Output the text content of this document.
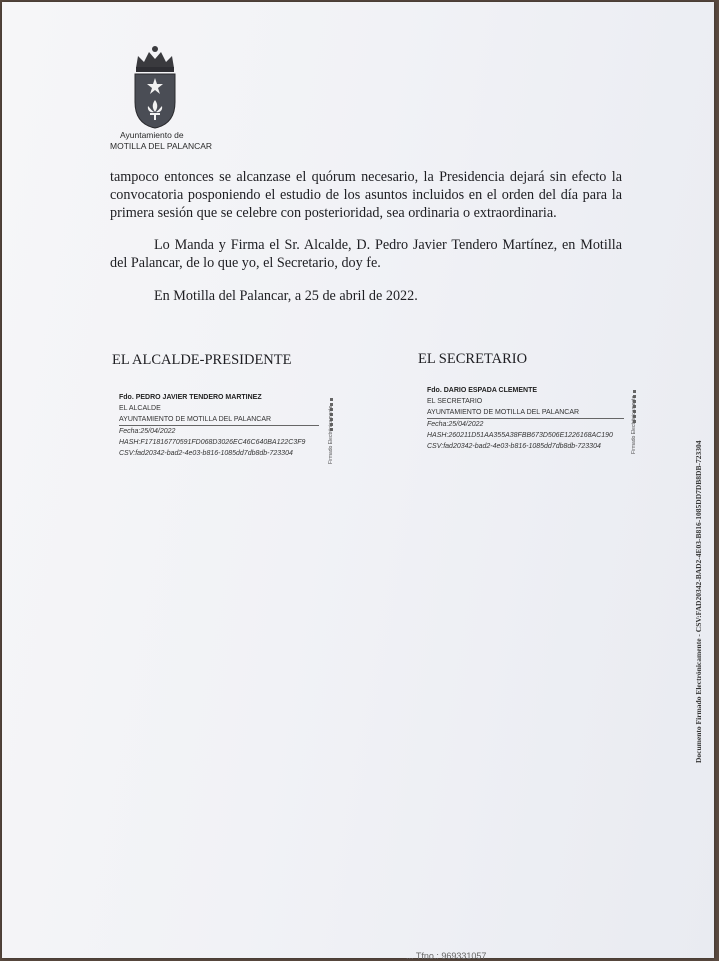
Ayuntamiento de
MOTILLA DEL PALANCAR
tampoco entonces se alcanzase el quórum necesario, la Presidencia dejará sin efecto la convocatoria posponiendo el estudio de los asuntos incluidos en el orden del día para la primera sesión que se celebre con posterioridad, sea ordinaria o extraordinaria.
Lo Manda y Firma el Sr. Alcalde, D. Pedro Javier Tendero Martínez, en Motilla del Palancar, de lo que yo, el Secretario, doy fe.
En Motilla del Palancar, a 25 de abril de 2022.
EL ALCALDE-PRESIDENTE	EL SECRETARIO
Fdo. PEDRO JAVIER TENDERO MARTINEZ
EL ALCALDE
AYUNTAMIENTO DE MOTILLA DEL PALANCAR
Fecha:25/04/2022
HASH:F171816770591FD068D3026EC46C640BA122C3F9
CSV:fad20342-bad2-4e03-b816-1085dd7db8db-723304	Firmado Electrónicamente
Fdo. DARIO ESPADA CLEMENTE
EL SECRETARIO
AYUNTAMIENTO DE MOTILLA DEL PALANCAR
Fecha:25/04/2022
HASH:260211D51AA355A38FBB673D506E1226168AC190
CSV:fad20342-bad2-4e03-b816-1085dd7db8db-723304	Firmado Electrónicamente
Documento Firmado Electrónicamente - CSV:FAD20342-BAD2-4E03-B816-1085DD7DB8DB-723304
... Tfno.: 969331057
